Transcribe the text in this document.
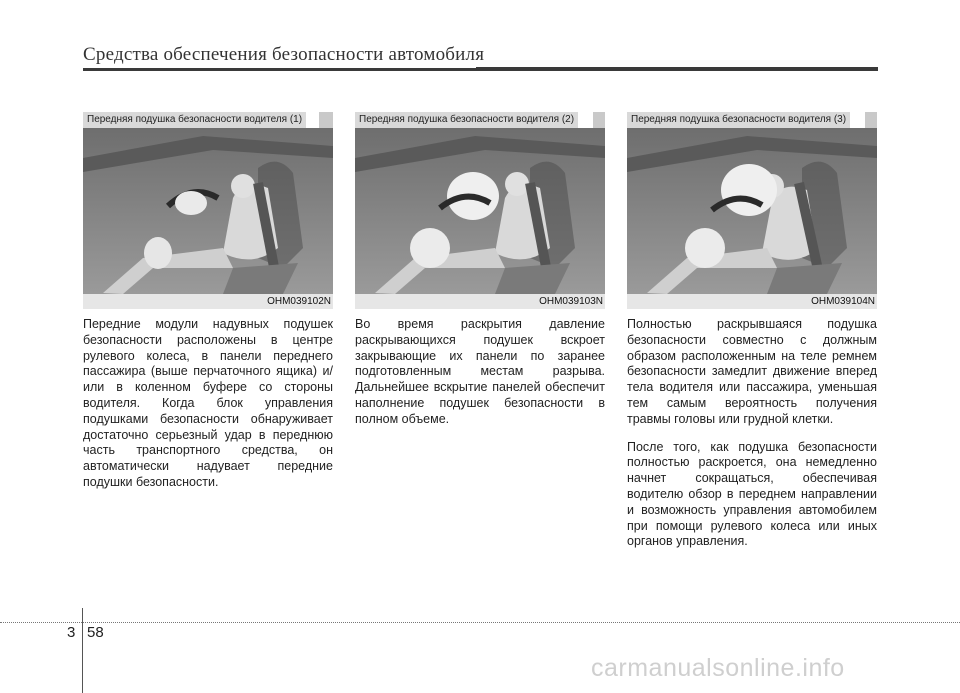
Средства обеспечения безопасности автомобиля
Передняя подушка безопасности водителя (1)
OHM039102N
Передняя подушка безопасности водителя (2)
OHM039103N
Передняя подушка безопасности водителя (3)
OHM039104N

Передние модули надувных подушек безопасности расположены в центре рулевого колеса, в панели переднего пассажира (выше перчаточного ящика) и/или в коленном буфере со стороны водителя. Когда блок управления подушками безопасности обнаруживает достаточно серьезный удар в переднюю часть транспортного средства, он автоматически надувает передние подушки безопасности.

Во время раскрытия давление раскрывающихся подушек вскроет закрывающие их панели по заранее подготовленным местам разрыва. Дальнейшее вскрытие панелей обеспечит наполнение подушек безопасности в полном объеме.

Полностью раскрывшаяся подушка безопасности совместно с должным образом расположенным на теле ремнем безопасности замедлит движение вперед тела водителя или пассажира, уменьшая тем самым вероятность получения травмы головы или грудной клетки.

После того, как подушка безопасности полностью раскроется, она немедленно начнет сокращаться, обеспечивая водителю обзор в переднем направлении и возможность управления автомобилем при помощи рулевого колеса или иных органов управления.

3 58
carmanualsonline.info
